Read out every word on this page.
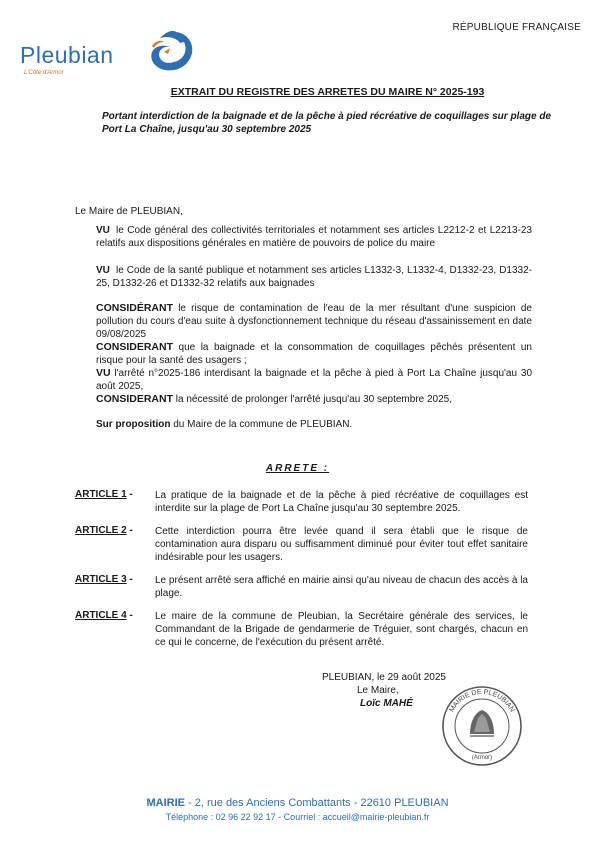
RÉPUBLIQUE FRANÇAISE
Pleubian
L'Côte d'Armor
EXTRAIT DU REGISTRE DES ARRETES DU MAIRE N° 2025-193
Portant interdiction de la baignade et de la pêche à pied récréative de coquillages sur plage de Port La Chaîne, jusqu'au 30 septembre 2025
Le Maire de PLEUBIAN,
VU le Code général des collectivités territoriales et notamment ses articles L2212-2 et L2213-23 relatifs aux dispositions générales en matière de pouvoirs de police du maire
VU le Code de la santé publique et notamment ses articles L1332-3, L1332-4, D1332-23, D1332-25, D1332-26 et D1332-32 relatifs aux baignades
CONSIDÉRANT le risque de contamination de l'eau de la mer résultant d'une suspicion de pollution du cours d'eau suite à dysfonctionnement technique du réseau d'assainissement en date 09/08/2025
CONSIDERANT que la baignade et la consommation de coquillages pêchés présentent un risque pour la santé des usagers ;
VU l'arrêté n°2025-186 interdisant la baignade et la pêche à pied à Port La Chaîne jusqu'au 30 août 2025,
CONSIDERANT la nécessité de prolonger l'arrêté jusqu'au 30 septembre 2025,
Sur proposition du Maire de la commune de PLEUBIAN.
ARRETE :
ARTICLE 1 -	La pratique de la baignade et de la pêche à pied récréative de coquillages est interdite sur la plage de Port La Chaîne jusqu'au 30 septembre 2025.
ARTICLE 2 -	Cette interdiction pourra être levée quand il sera établi que le risque de contamination aura disparu ou suffisamment diminué pour éviter tout effet sanitaire indésirable pour les usagers.
ARTICLE 3 -	Le présent arrêté sera affiché en mairie ainsi qu'au niveau de chacun des accès à la plage.
ARTICLE 4 -	Le maire de la commune de Pleubian, la Secrétaire générale des services, le Commandant de la Brigade de gendarmerie de Tréguier, sont chargés, chacun en ce qui le concerne, de l'exécution du présent arrêté.
PLEUBIAN, le 29 août 2025
Le Maire,
Loïc MAHÉ
MAIRIE DE PLEUBIAN
(Armor)
MAIRIE - 2, rue des Anciens Combattants - 22610 PLEUBIAN
Téléphone : 02 96 22 92 17 - Courriel : accueil@mairie-pleubian.fr
